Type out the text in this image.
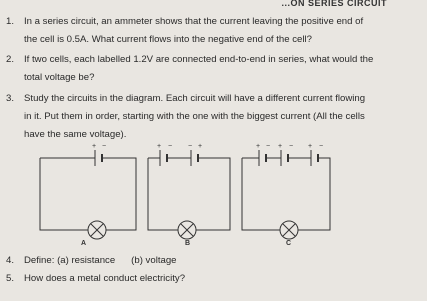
...ON SERIES CIRCUIT
1.	In a series circuit, an ammeter shows that the current leaving the positive end of
the cell is 0.5A. What current flows into the negative end of the cell?
2.	If two cells, each labelled 1.2V are connected end-to-end in series, what would the
total voltage be?
3.	Study the circuits in the diagram. Each circuit will have a different current flowing
in it. Put them in order, starting with the one with the biggest current (All the cells
have the same voltage).
+ −	+ − − +	+ − + − + −
A	B	C
4.	Define: (a) resistance      (b) voltage
5.	How does a metal conduct electricity?
